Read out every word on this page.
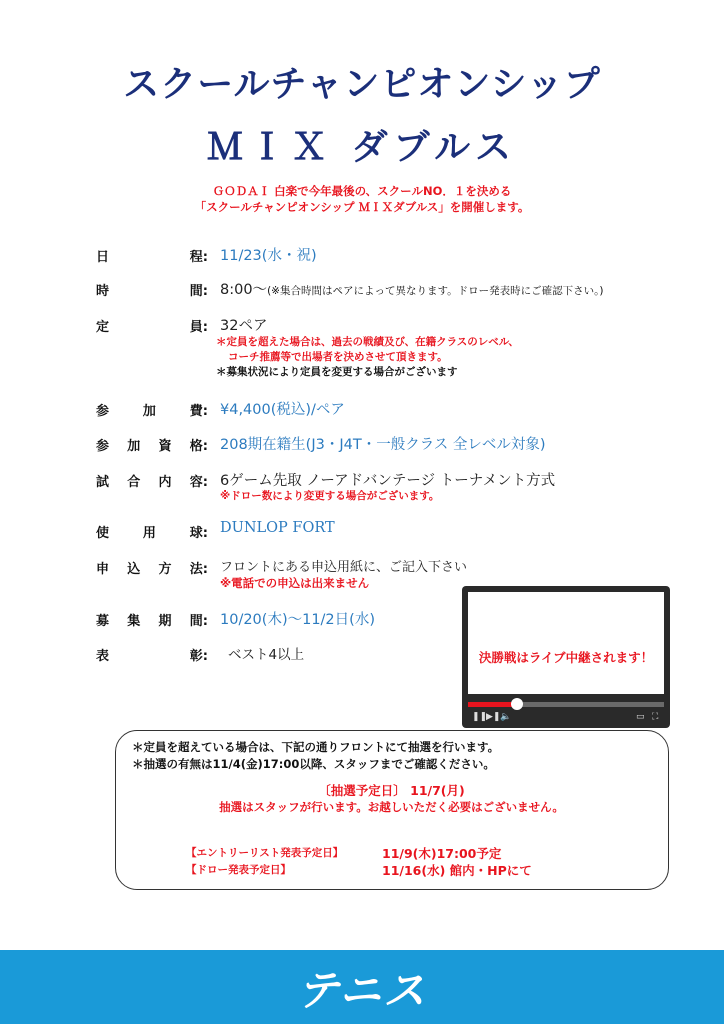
スクールチャンピオンシップ
ＭＩＸ ダブルス
ＧＯＤＡＩ 白楽で今年最後の、スクールNO．１を決める
「スクールチャンピオンシップ ＭＩＸダブルス」を開催します。
日	程: 11/23(水・祝)
時	間: 8:00〜(※集合時間はペアによって異なります。ドロー発表時にご確認下さい。)
定	員: 32ペア
＊定員を超えた場合は、過去の戦績及び、在籍クラスのレベル、
コーチ推薦等で出場者を決めさせて頂きます。
＊募集状況により定員を変更する場合がございます
参	加	費: ¥4,400(税込)/ペア
参 加 資 格: 208期在籍生(J3・J4T・一般クラス 全レベル対象)
試 合 内 容: 6ゲーム先取 ノーアドバンテージ トーナメント方式
※ドロー数により変更する場合がございます。
使	用	球: DUNLOP FORT
申 込 方 法: フロントにある申込用紙に、ご記入下さい
※電話での申込は出来ません
募 集 期 間: 10/20(木)〜11/2日(水)
表	彰: ベスト4以上	決勝戦はライブ中継されます！
❚❚
▶❚ 🔈	▭ ⛶
＊定員を超えている場合は、下記の通りフロントにて抽選を行います。
＊抽選の有無は11/4(金)17:00以降、スタッフまでご確認ください。
〔抽選予定日〕 11/7(月)
抽選はスタッフが行います。お越しいただく必要はございません。
【エントリーリスト発表予定日】	11/9(木)17:00予定
【ドロー発表予定日】	11/16(水) 館内・HPにて
テニス
